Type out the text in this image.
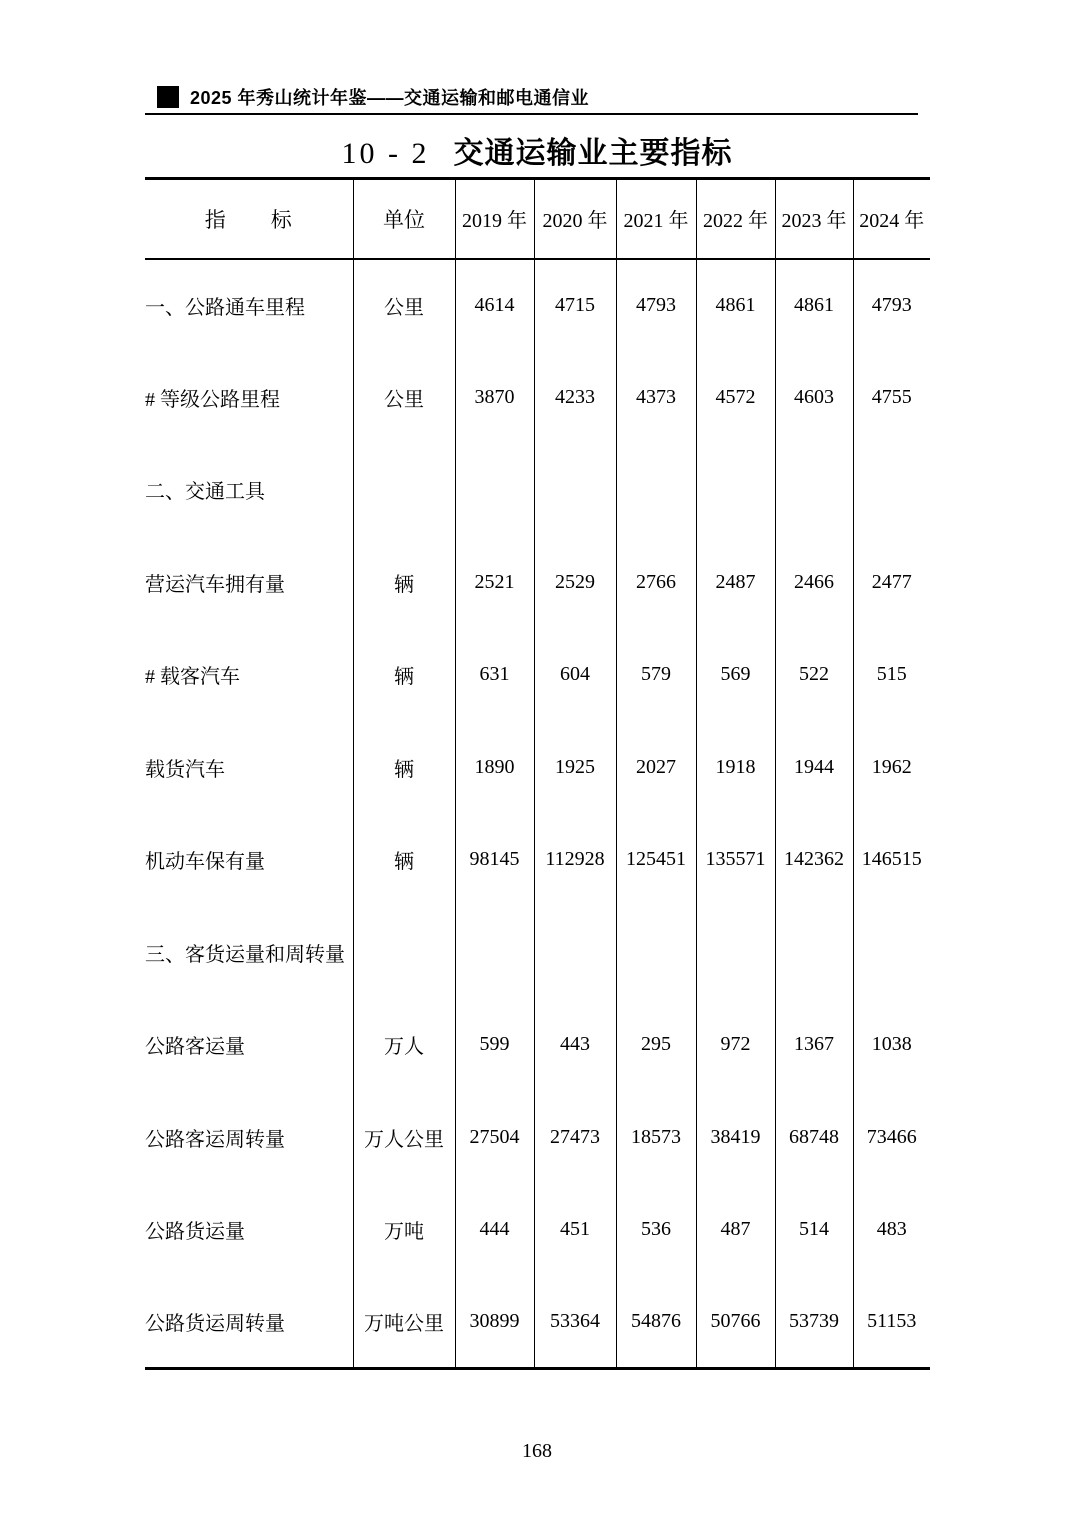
2025 年秀山统计年鉴——交通运输和邮电通信业
10 - 2 交通运输业主要指标
指　　标	单位	2019 年	2020 年	2021 年	2022 年	2023 年	2024 年
一、公路通车里程	公里	4614	4715	4793	4861	4861	4793
# 等级公路里程	公里	3870	4233	4373	4572	4603	4755
二、交通工具							
营运汽车拥有量	辆	2521	2529	2766	2487	2466	2477
# 载客汽车	辆	631	604	579	569	522	515
载货汽车	辆	1890	1925	2027	1918	1944	1962
机动车保有量	辆	98145	112928	125451	135571	142362	146515
三、客货运量和周转量							
公路客运量	万人	599	443	295	972	1367	1038
公路客运周转量	万人公里	27504	27473	18573	38419	68748	73466
公路货运量	万吨	444	451	536	487	514	483
公路货运周转量	万吨公里	30899	53364	54876	50766	53739	51153
168
